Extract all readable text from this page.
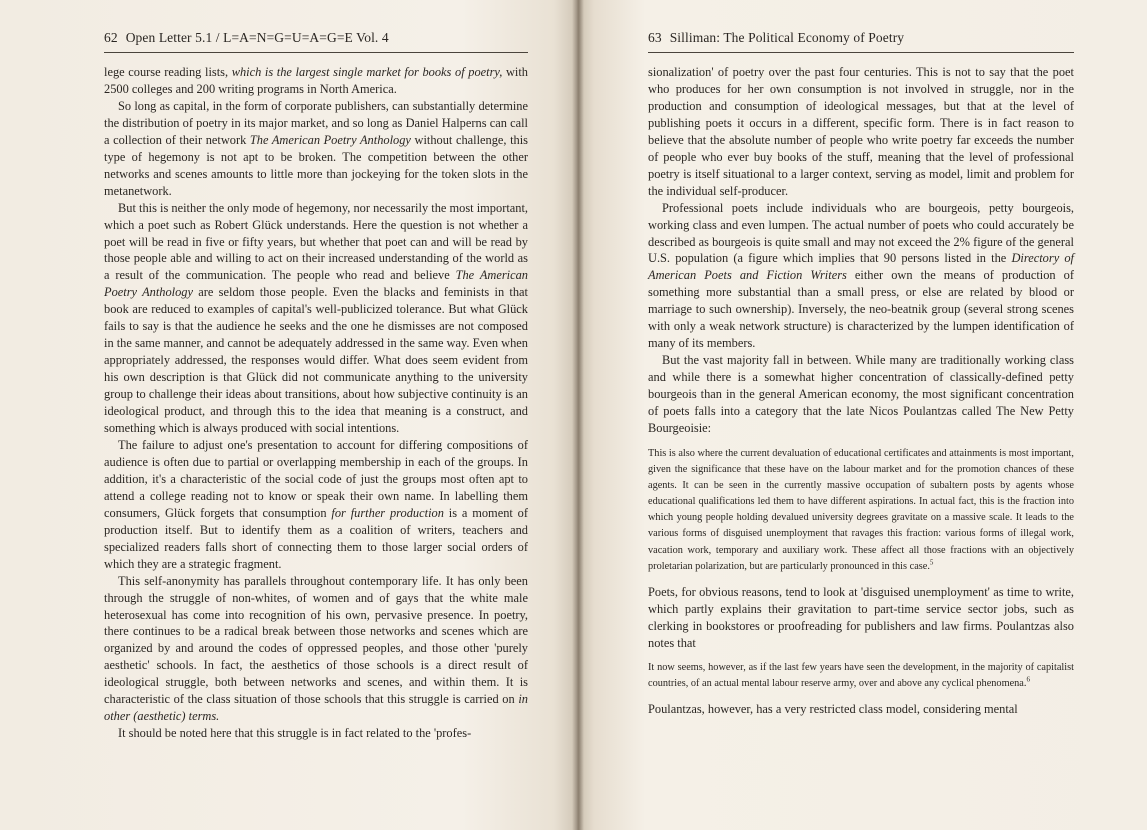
62 Open Letter 5.1 / L=A=N=G=U=A=G=E Vol. 4

lege course reading lists, which is the largest single market for books of poetry, with 2500 colleges and 200 writing programs in North America.

So long as capital, in the form of corporate publishers, can substantially determine the distribution of poetry in its major market, and so long as Daniel Halperns can call a collection of their network The American Poetry Anthology without challenge, this type of hegemony is not apt to be broken. The competition between the other networks and scenes amounts to little more than jockeying for the token slots in the metanetwork.

But this is neither the only mode of hegemony, nor necessarily the most important, which a poet such as Robert Glück understands. Here the question is not whether a poet will be read in five or fifty years, but whether that poet can and will be read by those people able and willing to act on their increased understanding of the world as a result of the communication. The people who read and believe The American Poetry Anthology are seldom those people. Even the blacks and feminists in that book are reduced to examples of capital's well-publicized tolerance. But what Glück fails to say is that the audience he seeks and the one he dismisses are not composed in the same manner, and cannot be adequately addressed in the same way. Even when appropriately addressed, the responses would differ. What does seem evident from his own description is that Glück did not communicate anything to the university group to challenge their ideas about transitions, about how subjective continuity is an ideological product, and through this to the idea that meaning is a construct, and something which is always produced with social intentions.

The failure to adjust one's presentation to account for differing compositions of audience is often due to partial or overlapping membership in each of the groups. In addition, it's a characteristic of the social code of just the groups most often apt to attend a college reading not to know or speak their own name. In labelling them consumers, Glück forgets that consumption for further production is a moment of production itself. But to identify them as a coalition of writers, teachers and specialized readers falls short of connecting them to those larger social orders of which they are a strategic fragment.

This self-anonymity has parallels throughout contemporary life. It has only been through the struggle of non-whites, of women and of gays that the white male heterosexual has come into recognition of his own, pervasive presence. In poetry, there continues to be a radical break between those networks and scenes which are organized by and around the codes of oppressed peoples, and those other 'purely aesthetic' schools. In fact, the aesthetics of those schools is a direct result of ideological struggle, both between networks and scenes, and within them. It is characteristic of the class situation of those schools that this struggle is carried on in other (aesthetic) terms.

It should be noted here that this struggle is in fact related to the 'profes-

63 Silliman: The Political Economy of Poetry

sionalization' of poetry over the past four centuries. This is not to say that the poet who produces for her own consumption is not involved in struggle, nor in the production and consumption of ideological messages, but that at the level of publishing poets it occurs in a different, specific form. There is in fact reason to believe that the absolute number of people who write poetry far exceeds the number of people who ever buy books of the stuff, meaning that the level of professional poetry is itself situational to a larger context, serving as model, limit and problem for the individual self-producer.

Professional poets include individuals who are bourgeois, petty bourgeois, working class and even lumpen. The actual number of poets who could accurately be described as bourgeois is quite small and may not exceed the 2% figure of the general U.S. population (a figure which implies that 90 persons listed in the Directory of American Poets and Fiction Writers either own the means of production of something more substantial than a small press, or else are related by blood or marriage to such ownership). Inversely, the neo-beatnik group (several strong scenes with only a weak network structure) is characterized by the lumpen identification of many of its members.

But the vast majority fall in between. While many are traditionally working class and while there is a somewhat higher concentration of classically-defined petty bourgeois than in the general American economy, the most significant concentration of poets falls into a category that the late Nicos Poulantzas called The New Petty Bourgeoisie:

This is also where the current devaluation of educational certificates and attainments is most important, given the significance that these have on the labour market and for the promotion chances of these agents. It can be seen in the currently massive occupation of subaltern posts by agents whose educational qualifications led them to have different aspirations. In actual fact, this is the fraction into which young people holding devalued university degrees gravitate on a massive scale. It leads to the various forms of disguised unemployment that ravages this fraction: various forms of illegal work, vacation work, temporary and auxiliary work. These affect all those fractions with an objectively proletarian polarization, but are particularly pronounced in this case.$^5$

Poets, for obvious reasons, tend to look at 'disguised unemployment' as time to write, which partly explains their gravitation to part-time service sector jobs, such as clerking in bookstores or proofreading for publishers and law firms. Poulantzas also notes that

It now seems, however, as if the last few years have seen the development, in the majority of capitalist countries, of an actual mental labour reserve army, over and above any cyclical phenomena.$^6$

Poulantzas, however, has a very restricted class model, considering mental
